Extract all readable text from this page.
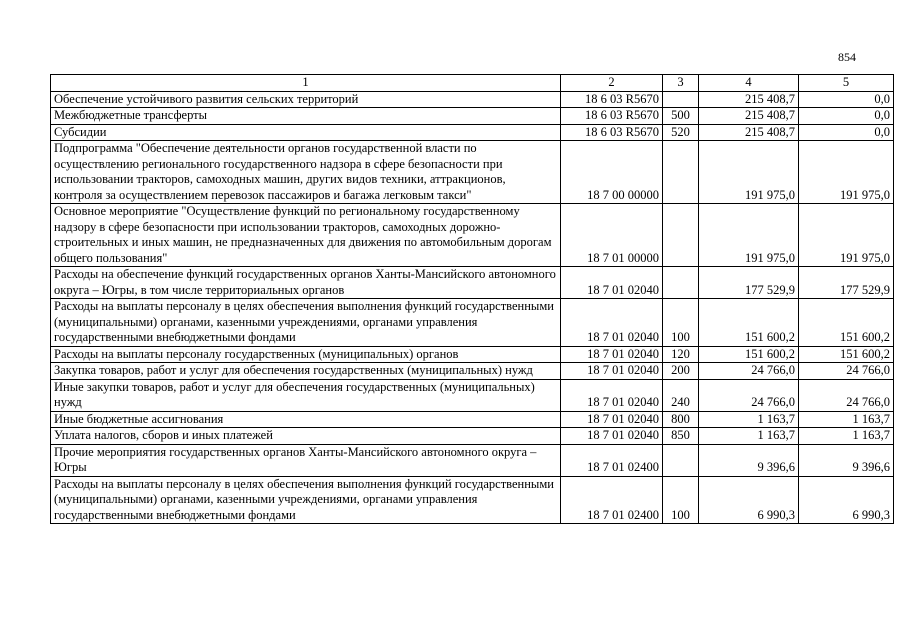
854
1	2	3	4	5
Обеспечение устойчивого развития сельских территорий	18 6 03 R5670		215 408,7	0,0
Межбюджетные трансферты	18 6 03 R5670	500	215 408,7	0,0
Субсидии	18 6 03 R5670	520	215 408,7	0,0
Подпрограмма "Обеспечение деятельности органов государственной власти по осуществлению регионального государственного надзора в сфере безопасности при использовании тракторов, самоходных машин, других видов техники, аттракционов, контроля за осуществлением перевозок пассажиров и багажа легковым такси"	18 7 00 00000		191 975,0	191 975,0
Основное мероприятие "Осуществление функций по региональному государственному надзору в сфере безопасности при использовании тракторов, самоходных дорожно-строительных и иных машин, не предназначенных для движения по автомобильным дорогам общего пользования"	18 7 01 00000		191 975,0	191 975,0
Расходы на обеспечение функций государственных органов Ханты-Мансийского автономного округа – Югры, в том числе территориальных органов	18 7 01 02040		177 529,9	177 529,9
Расходы на выплаты персоналу в целях обеспечения выполнения функций государственными (муниципальными) органами, казенными учреждениями, органами управления государственными внебюджетными фондами	18 7 01 02040	100	151 600,2	151 600,2
Расходы на выплаты персоналу государственных (муниципальных) органов	18 7 01 02040	120	151 600,2	151 600,2
Закупка товаров, работ и услуг для обеспечения государственных (муниципальных) нужд	18 7 01 02040	200	24 766,0	24 766,0
Иные закупки товаров, работ и услуг для обеспечения государственных (муниципальных) нужд	18 7 01 02040	240	24 766,0	24 766,0
Иные бюджетные ассигнования	18 7 01 02040	800	1 163,7	1 163,7
Уплата налогов, сборов и иных платежей	18 7 01 02040	850	1 163,7	1 163,7
Прочие мероприятия государственных органов Ханты-Мансийского автономного округа – Югры	18 7 01 02400		9 396,6	9 396,6
Расходы на выплаты персоналу в целях обеспечения выполнения функций государственными (муниципальными) органами, казенными учреждениями, органами управления государственными внебюджетными фондами	18 7 01 02400	100	6 990,3	6 990,3
